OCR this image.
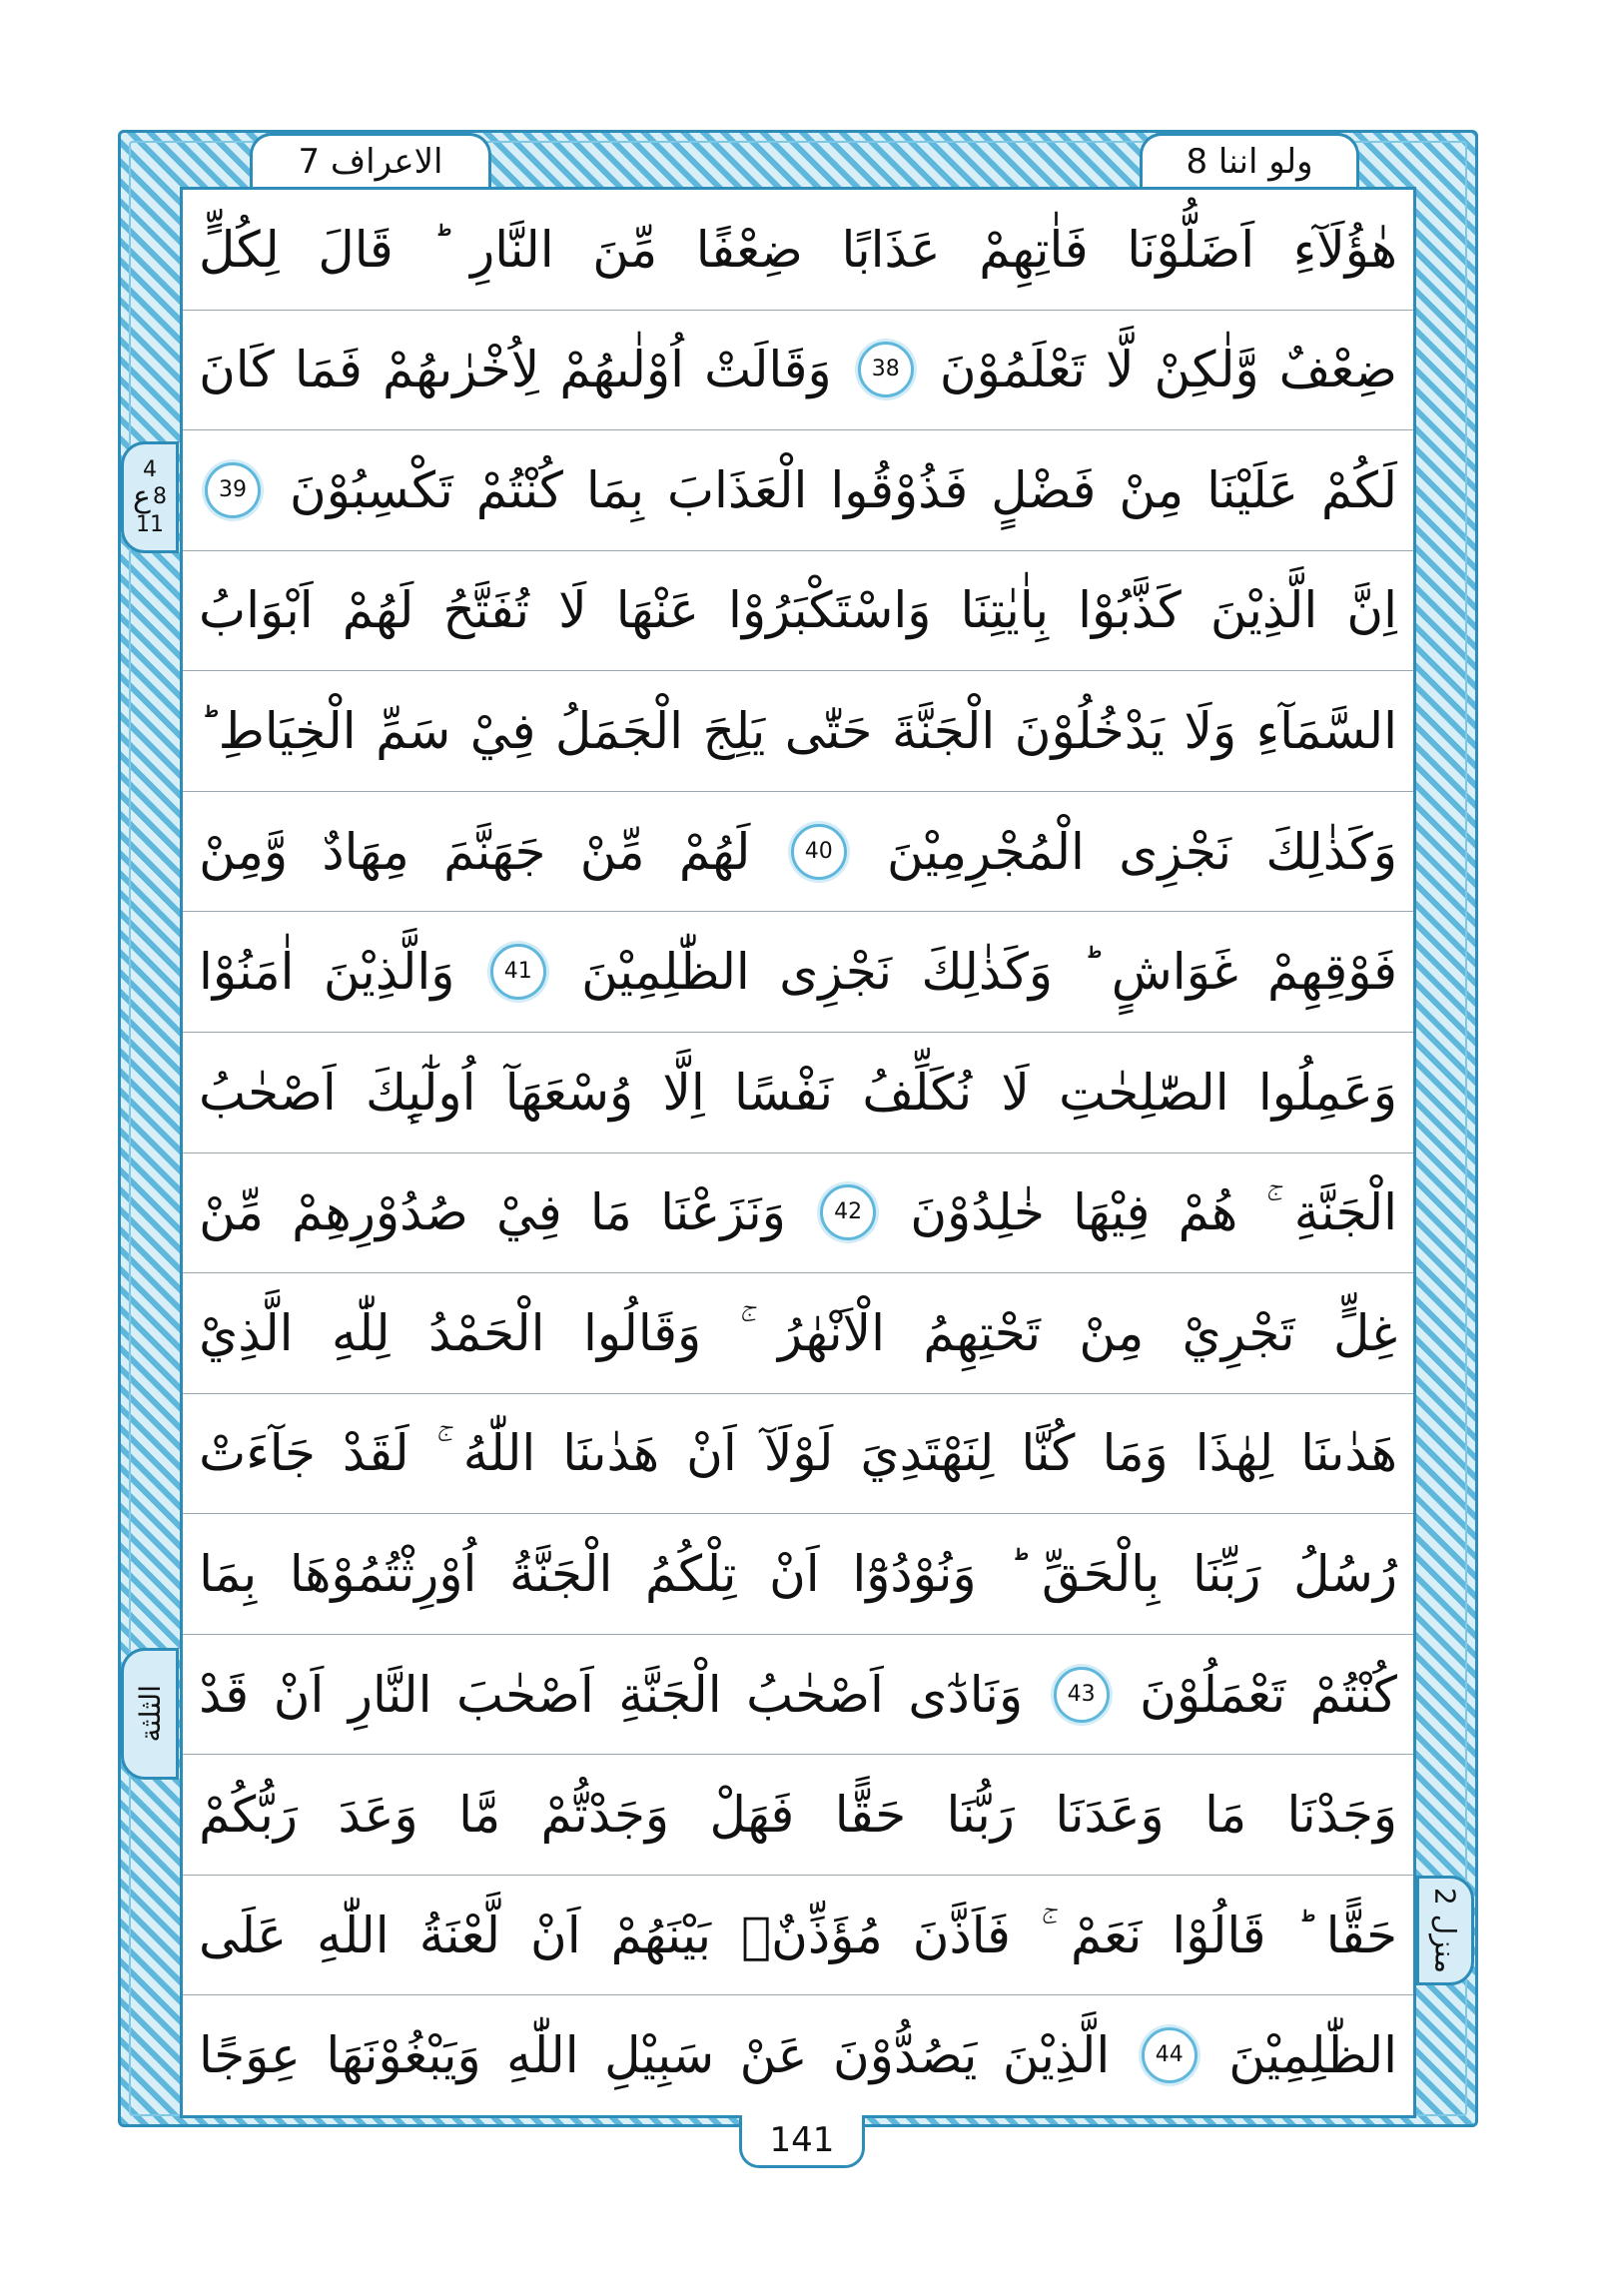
الاعراف 7	ولو اننا 8
4
ع 8
11
الثلثة
منزل 2
هٰؤُلَآءِ
اَضَلُّوْنَا
فَاٰتِهِمْ
عَذَابًا
ضِعْفًا
مِّنَ
النَّارِ
قَالَ
لِكُلٍّ
ضِعْفٌ
وَّلٰكِنْ
لَّا
تَعْلَمُوْنَ
38
وَقَالَتْ
اُوْلٰىهُمْ
لِاُخْرٰىهُمْ
فَمَا
كَانَ
لَكُمْ
عَلَيْنَا
مِنْ
فَضْلٍ
فَذُوْقُوا
الْعَذَابَ
بِمَا
كُنْتُمْ
تَكْسِبُوْنَ
39
اِنَّ
الَّذِيْنَ
كَذَّبُوْا
بِاٰيٰتِنَا
وَاسْتَكْبَرُوْا
عَنْهَا
لَا
تُفَتَّحُ
لَهُمْ
اَبْوَابُ
السَّمَآءِ
وَلَا
يَدْخُلُوْنَ
الْجَنَّةَ
حَتّٰى
يَلِجَ
الْجَمَلُ
فِيْ
سَمِّ
الْخِيَاطِ
وَكَذٰلِكَ
نَجْزِى
الْمُجْرِمِيْنَ
40
لَهُمْ
مِّنْ
جَهَنَّمَ
مِهَادٌ
وَّمِنْ
فَوْقِهِمْ
غَوَاشٍ
وَكَذٰلِكَ
نَجْزِى
الظّٰلِمِيْنَ
41
وَالَّذِيْنَ
اٰمَنُوْا
وَعَمِلُوا
الصّٰلِحٰتِ
لَا
نُكَلِّفُ
نَفْسًا
اِلَّا
وُسْعَهَآ
اُولٰٓىِٕكَ
اَصْحٰبُ
الْجَنَّةِ
هُمْ
فِيْهَا
خٰلِدُوْنَ
42
وَنَزَعْنَا
مَا
فِيْ
صُدُوْرِهِمْ
مِّنْ
غِلٍّ
تَجْرِيْ
مِنْ
تَحْتِهِمُ
الْاَنْهٰرُ
وَقَالُوا
الْحَمْدُ
لِلّٰهِ
الَّذِيْ
هَدٰىنَا
لِهٰذَا
وَمَا
كُنَّا
لِنَهْتَدِيَ
لَوْلَآ
اَنْ
هَدٰىنَا
اللّٰهُ
لَقَدْ
جَآءَتْ
رُسُلُ
رَبِّنَا
بِالْحَقِّ
وَنُوْدُوْٓا
اَنْ
تِلْكُمُ
الْجَنَّةُ
اُوْرِثْتُمُوْهَا
بِمَا
كُنْتُمْ
تَعْمَلُوْنَ
43
وَنَادٰٓى
اَصْحٰبُ
الْجَنَّةِ
اَصْحٰبَ
النَّارِ
اَنْ
قَدْ
وَجَدْنَا
مَا
وَعَدَنَا
رَبُّنَا
حَقًّا
فَهَلْ
وَجَدْتُّمْ
مَّا
وَعَدَ
رَبُّكُمْ
حَقًّا
قَالُوْا
نَعَمْ
فَاَذَّنَ
مُؤَذِّنٌۢ
بَيْنَهُمْ
اَنْ
لَّعْنَةُ
اللّٰهِ
عَلَى
الظّٰلِمِيْنَ
44
الَّذِيْنَ
يَصُدُّوْنَ
عَنْ
سَبِيْلِ
اللّٰهِ
وَيَبْغُوْنَهَا
عِوَجًا
141
